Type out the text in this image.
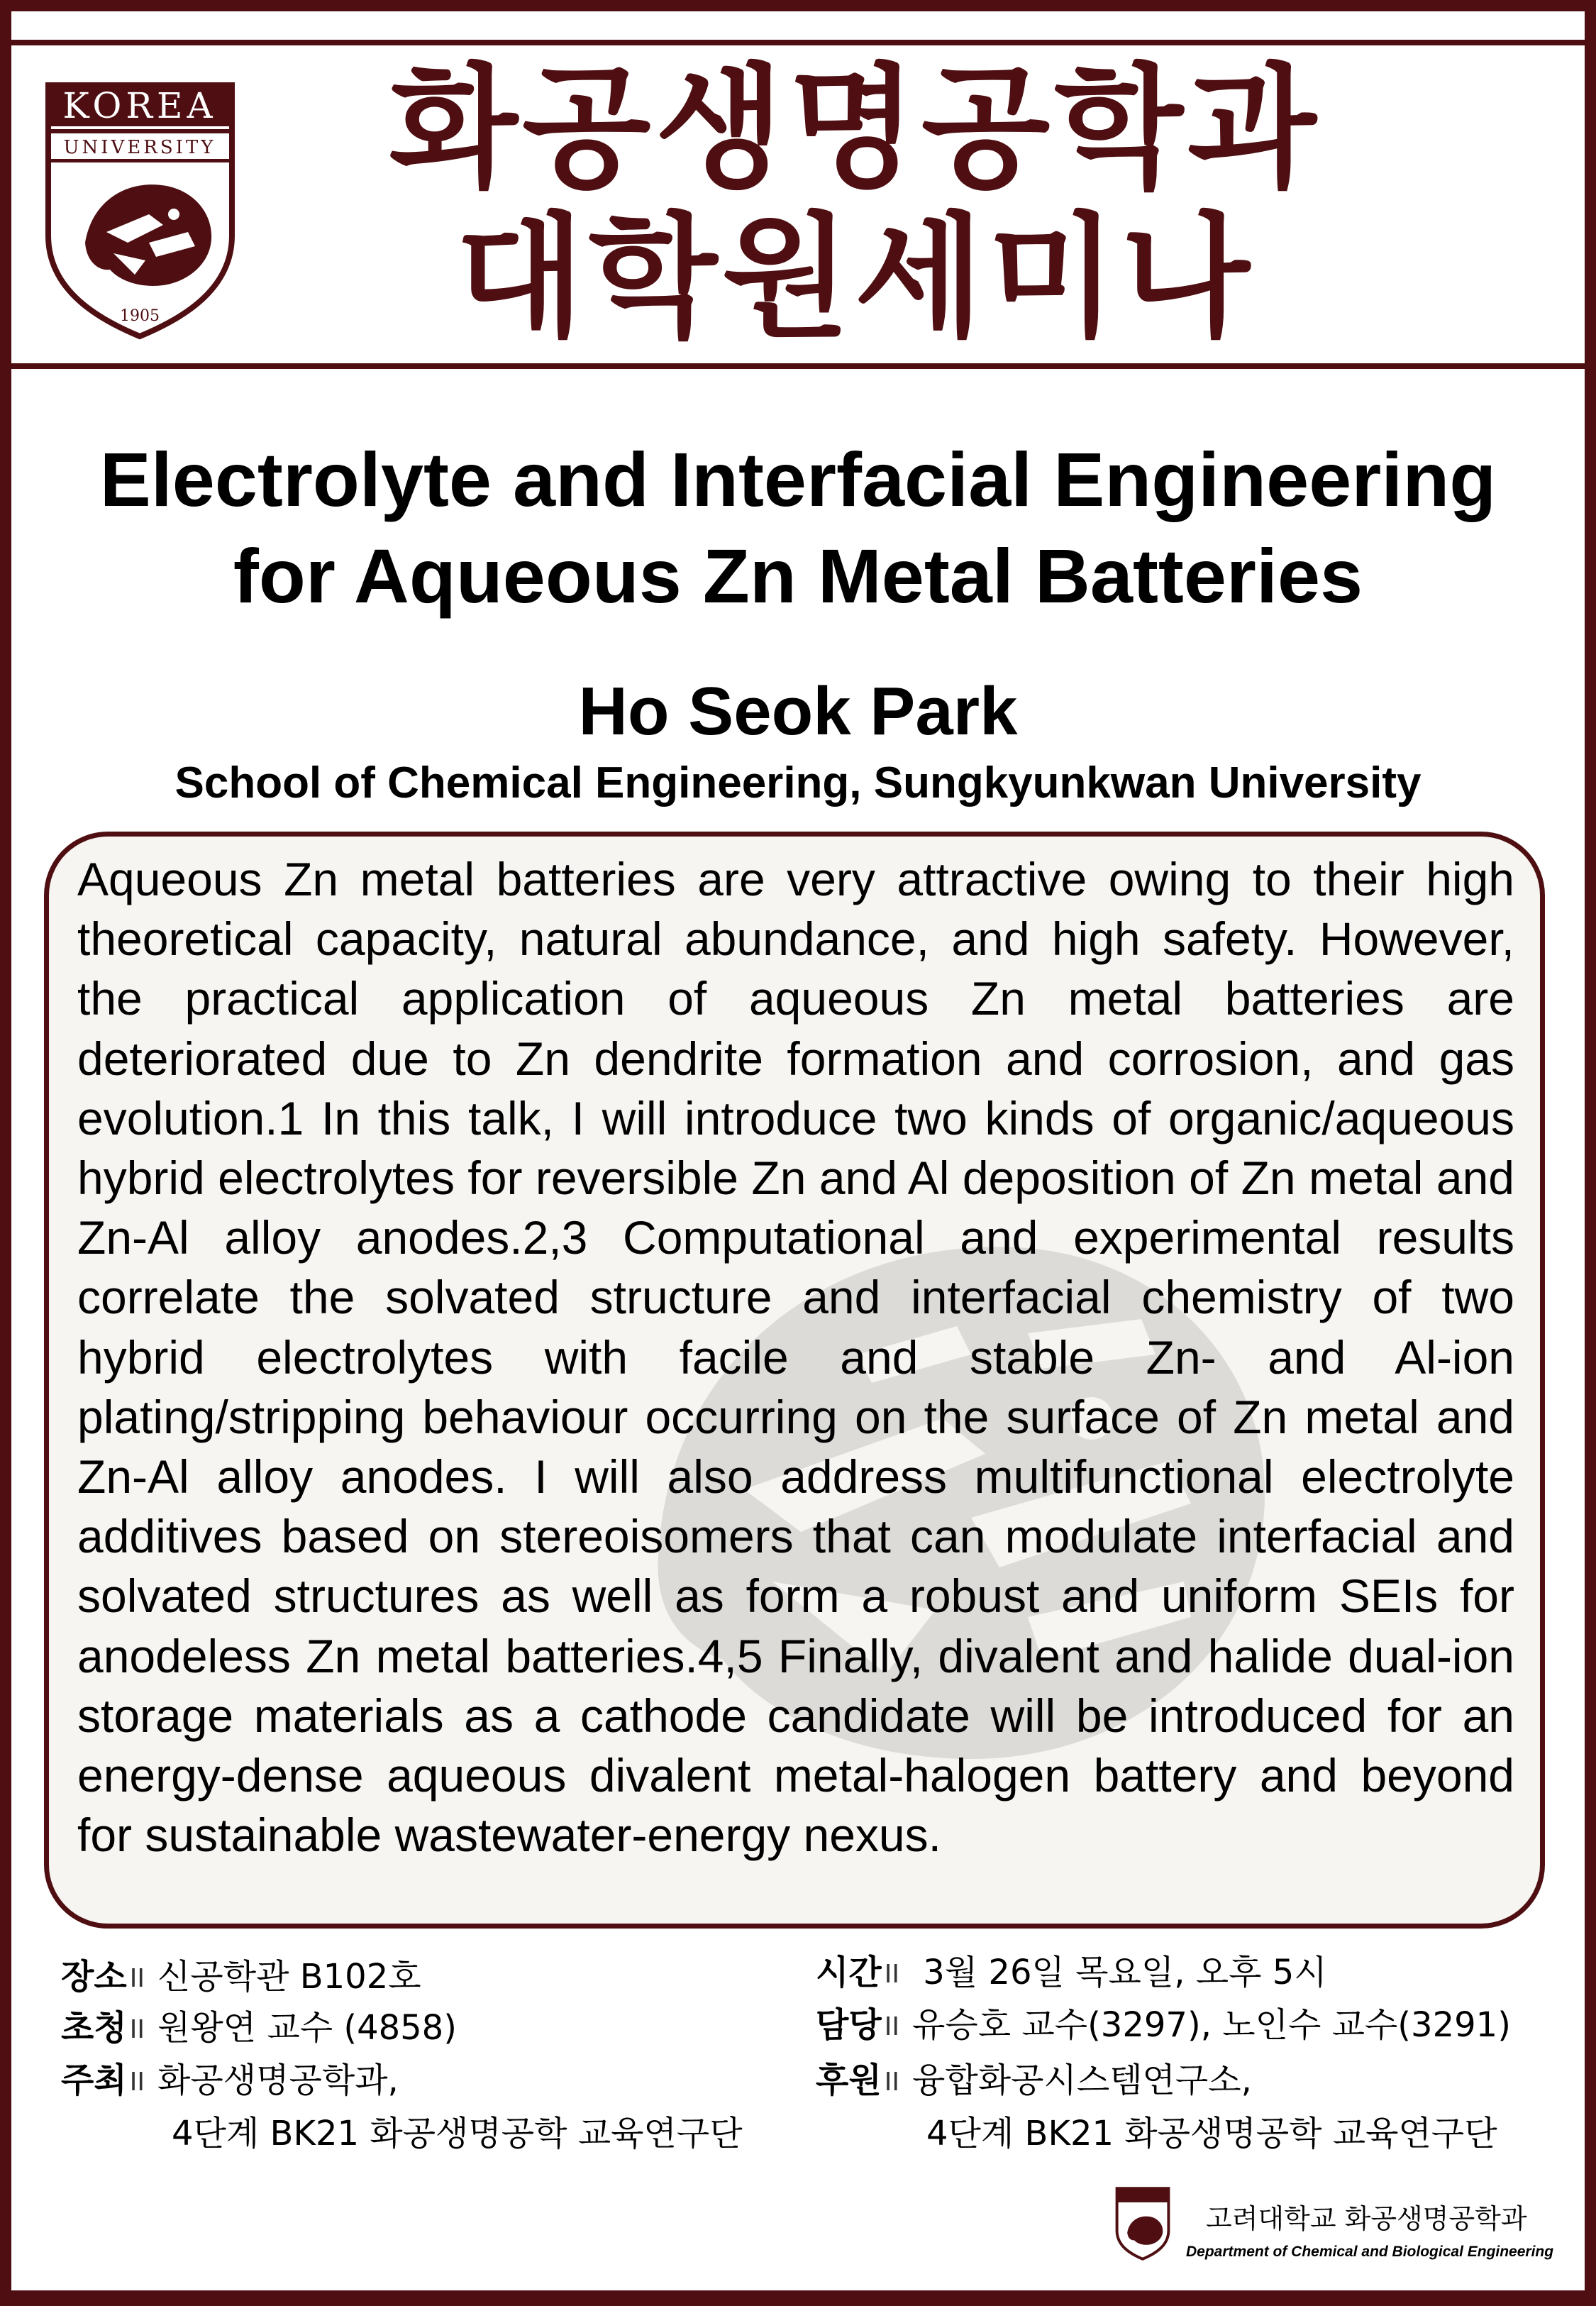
KOREA
UNIVERSITY
1905
화공생명공학과
대학원세미나
Electrolyte and Interfacial Engineering
for Aqueous Zn Metal Batteries
Ho Seok Park
School of Chemical Engineering, Sungkyunkwan University
Aqueous Zn metal batteries are very attractive owing to their high theoretical capacity, natural abundance, and high safety. However, the practical application of aqueous Zn metal batteries are deteriorated due to Zn dendrite formation and corrosion, and gas evolution.1 In this talk, I will introduce two kinds of organic/aqueous hybrid electrolytes for reversible Zn and Al deposition of Zn metal and Zn-Al alloy anodes.2,3 Computational and experimental results correlate the solvated structure and interfacial chemistry of two hybrid electrolytes with facile and stable Zn- and Al-ion plating/stripping behaviour occurring on the surface of Zn metal and Zn-Al alloy anodes. I will also address multifunctional electrolyte additives based on stereoisomers that can modulate interfacial and solvated structures as well as form a robust and uniform SEIs for anodeless Zn metal batteries.4,5 Finally, divalent and halide dual-ion storage materials as a cathode candidate will be introduced for an energy-dense aqueous divalent metal-halogen battery and beyond for sustainable wastewater-energy nexus.
장소 II 신공학관 B102호
초청 II 원왕연 교수 (4858)
주최 II 화공생명공학과,
4단계 BK21 화공생명공학 교육연구단
시간 II 3월 26일 목요일, 오후 5시
담당 II 유승호 교수(3297), 노인수 교수(3291)
후원 II 융합화공시스템연구소,
4단계 BK21 화공생명공학 교육연구단
고려대학교 화공생명공학과
Department of Chemical and Biological Engineering
